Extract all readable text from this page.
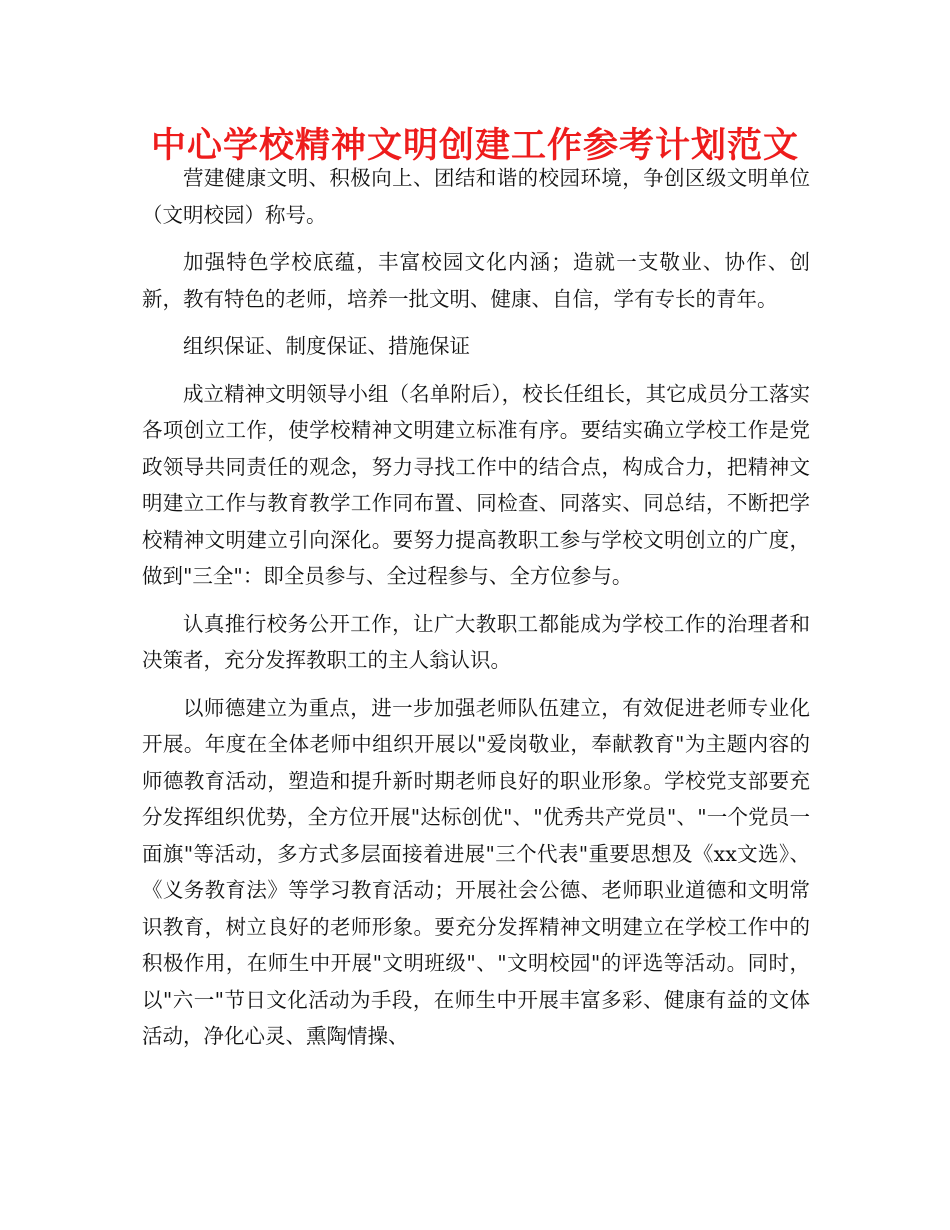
中心学校精神文明创建工作参考计划范文

营建健康文明、积极向上、团结和谐的校园环境，争创区级文明单位（文明校园）称号。

加强特色学校底蕴，丰富校园文化内涵；造就一支敬业、协作、创新，教有特色的老师，培养一批文明、健康、自信，学有专长的青年。

组织保证、制度保证、措施保证

成立精神文明领导小组（名单附后），校长任组长，其它成员分工落实各项创立工作，使学校精神文明建立标准有序。要结实确立学校工作是党政领导共同责任的观念，努力寻找工作中的结合点，构成合力，把精神文明建立工作与教育教学工作同布置、同检查、同落实、同总结，不断把学校精神文明建立引向深化。要努力提高教职工参与学校文明创立的广度，做到"三全"：即全员参与、全过程参与、全方位参与。

认真推行校务公开工作，让广大教职工都能成为学校工作的治理者和决策者，充分发挥教职工的主人翁认识。

以师德建立为重点，进一步加强老师队伍建立，有效促进老师专业化开展。年度在全体老师中组织开展以"爱岗敬业，奉献教育"为主题内容的师德教育活动，塑造和提升新时期老师良好的职业形象。学校党支部要充分发挥组织优势，全方位开展"达标创优"、"优秀共产党员"、"一个党员一面旗"等活动，多方式多层面接着进展"三个代表"重要思想及《xx文选》、《义务教育法》等学习教育活动；开展社会公德、老师职业道德和文明常识教育，树立良好的老师形象。要充分发挥精神文明建立在学校工作中的积极作用，在师生中开展"文明班级"、"文明校园"的评选等活动。同时，以"六一"节日文化活动为手段，在师生中开展丰富多彩、健康有益的文体活动，净化心灵、熏陶情操、
